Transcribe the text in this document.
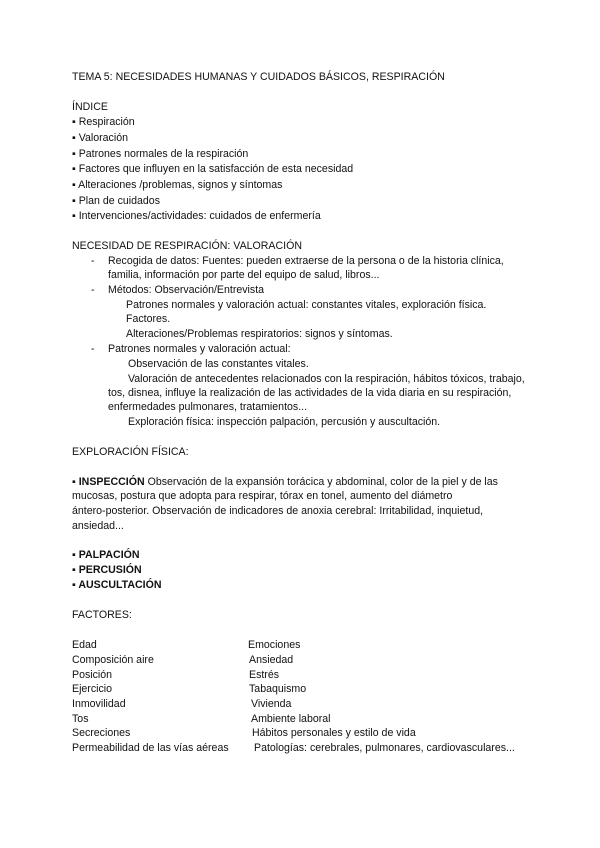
TEMA 5: NECESIDADES HUMANAS Y CUIDADOS BÁSICOS, RESPIRACIÓN
ÍNDICE
▪ Respiración
▪ Valoración
▪ Patrones normales de la respiración
▪ Factores que influyen en la satisfacción de esta necesidad
▪ Alteraciones /problemas, signos y síntomas
▪ Plan de cuidados
▪ Intervenciones/actividades: cuidados de enfermería
NECESIDAD DE RESPIRACIÓN: VALORACIÓN
- Recogida de datos: Fuentes: pueden extraerse de la persona o de la historia clínica,
familia, información por parte del equipo de salud, libros...
- Métodos: Observación/Entrevista
Patrones normales y valoración actual: constantes vitales, exploración física.
Factores.
Alteraciones/Problemas respiratorios: signos y síntomas.
- Patrones normales y valoración actual:
Observación de las constantes vitales.
Valoración de antecedentes relacionados con la respiración, hábitos tóxicos, trabajo,
tos, disnea, influye la realización de las actividades de la vida diaria en su respiración,
enfermedades pulmonares, tratamientos...
Exploración física: inspección palpación, percusión y auscultación.
EXPLORACIÓN FÍSICA:
▪ INSPECCIÓN Observación de la expansión torácica y abdominal, color de la piel y de las
mucosas, postura que adopta para respirar, tórax en tonel, aumento del diámetro
ántero-posterior. Observación de indicadores de anoxia cerebral: Irritabilidad, inquietud,
ansiedad...
▪ PALPACIÓN
▪ PERCUSIÓN
▪ AUSCULTACIÓN
FACTORES:
Edad
Composición aire
Posición
Ejercicio
Inmovilidad
Tos
Secreciones
Permeabilidad de las vías aéreas
Emociones
Ansiedad
Estrés
Tabaquismo
Vivienda
Ambiente laboral
Hábitos personales y estilo de vida
Patologías: cerebrales, pulmonares, cardiovasculares...
